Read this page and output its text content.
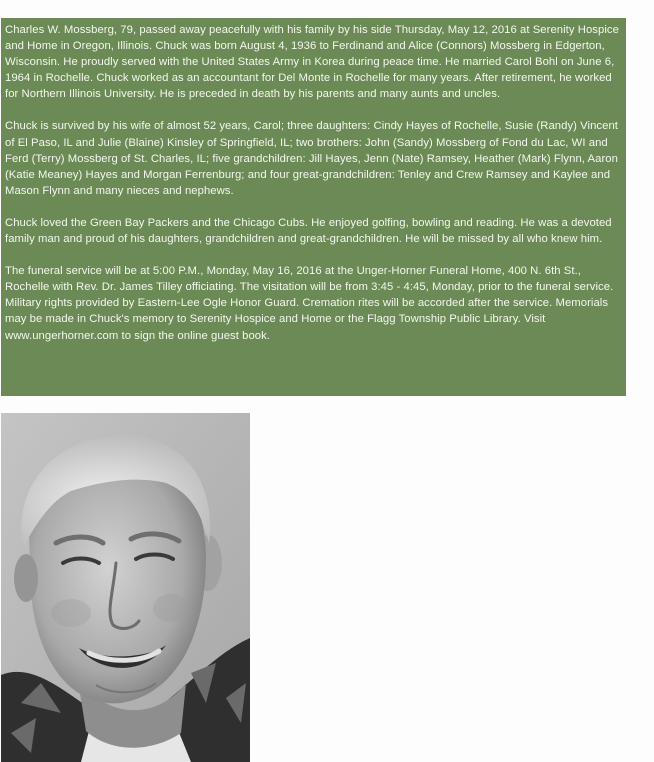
Charles W. Mossberg, 79, passed away peacefully with his family by his side Thursday, May 12, 2016 at Serenity Hospice and Home in Oregon, Illinois. Chuck was born August 4, 1936 to Ferdinand and Alice (Connors) Mossberg in Edgerton, Wisconsin. He proudly served with the United States Army in Korea during peace time. He married Carol Bohl on June 6, 1964 in Rochelle. Chuck worked as an accountant for Del Monte in Rochelle for many years. After retirement, he worked for Northern Illinois University. He is preceded in death by his parents and many aunts and uncles.

Chuck is survived by his wife of almost 52 years, Carol; three daughters: Cindy Hayes of Rochelle, Susie (Randy) Vincent of El Paso, IL and Julie (Blaine) Kinsley of Springfield, IL; two brothers: John (Sandy) Mossberg of Fond du Lac, WI and Ferd (Terry) Mossberg of St. Charles, IL; five grandchildren: Jill Hayes, Jenn (Nate) Ramsey, Heather (Mark) Flynn, Aaron (Katie Meaney) Hayes and Morgan Ferrenburg; and four great-grandchildren: Tenley and Crew Ramsey and Kaylee and Mason Flynn and many nieces and nephews.

Chuck loved the Green Bay Packers and the Chicago Cubs. He enjoyed golfing, bowling and reading. He was a devoted family man and proud of his daughters, grandchildren and great-grandchildren. He will be missed by all who knew him.

The funeral service will be at 5:00 P.M., Monday, May 16, 2016 at the Unger-Horner Funeral Home, 400 N. 6th St., Rochelle with Rev. Dr. James Tilley officiating. The visitation will be from 3:45 - 4:45, Monday, prior to the funeral service. Military rights provided by Eastern-Lee Ogle Honor Guard. Cremation rites will be accorded after the service. Memorials may be made in Chuck's memory to Serenity Hospice and Home or the Flagg Township Public Library. Visit www.ungerhorner.com to sign the online guest book.
